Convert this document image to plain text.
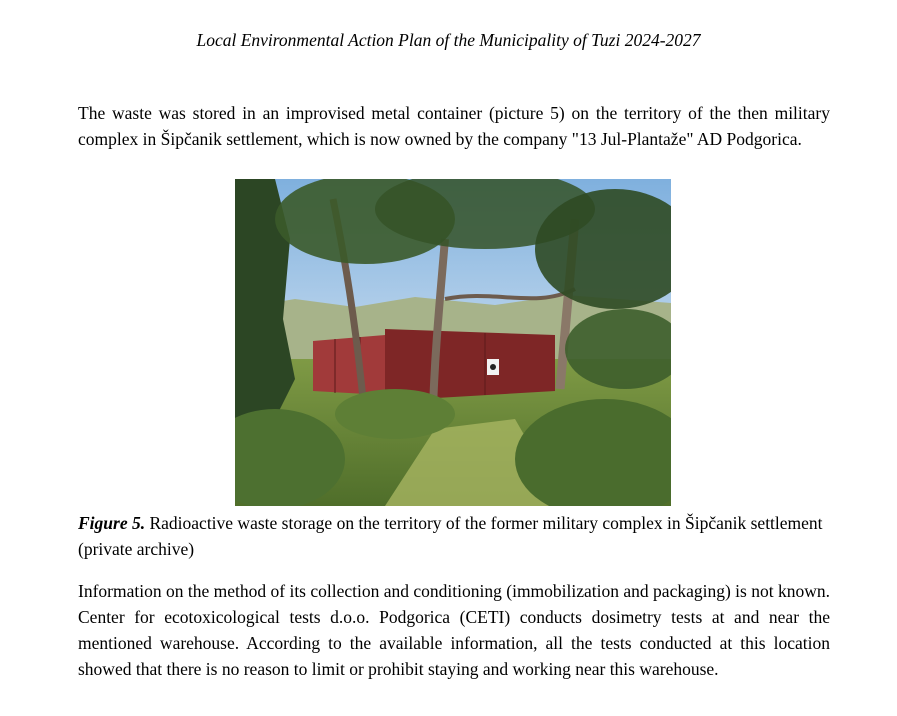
Local Environmental Action Plan of the Municipality of Tuzi 2024-2027

The waste was stored in an improvised metal container (picture 5) on the territory of the then military complex in Šipčanik settlement, which is now owned by the company "13 Jul-Plantaže" AD Podgorica.

Figure 5. Radioactive waste storage on the territory of the former military complex in Šipčanik settlement (private archive)

Information on the method of its collection and conditioning (immobilization and packaging) is not known. Center for ecotoxicological tests d.o.o. Podgorica (CETI) conducts dosimetry tests at and near the mentioned warehouse. According to the available information, all the tests conducted at this location showed that there is no reason to limit or prohibit staying and working near this warehouse.
